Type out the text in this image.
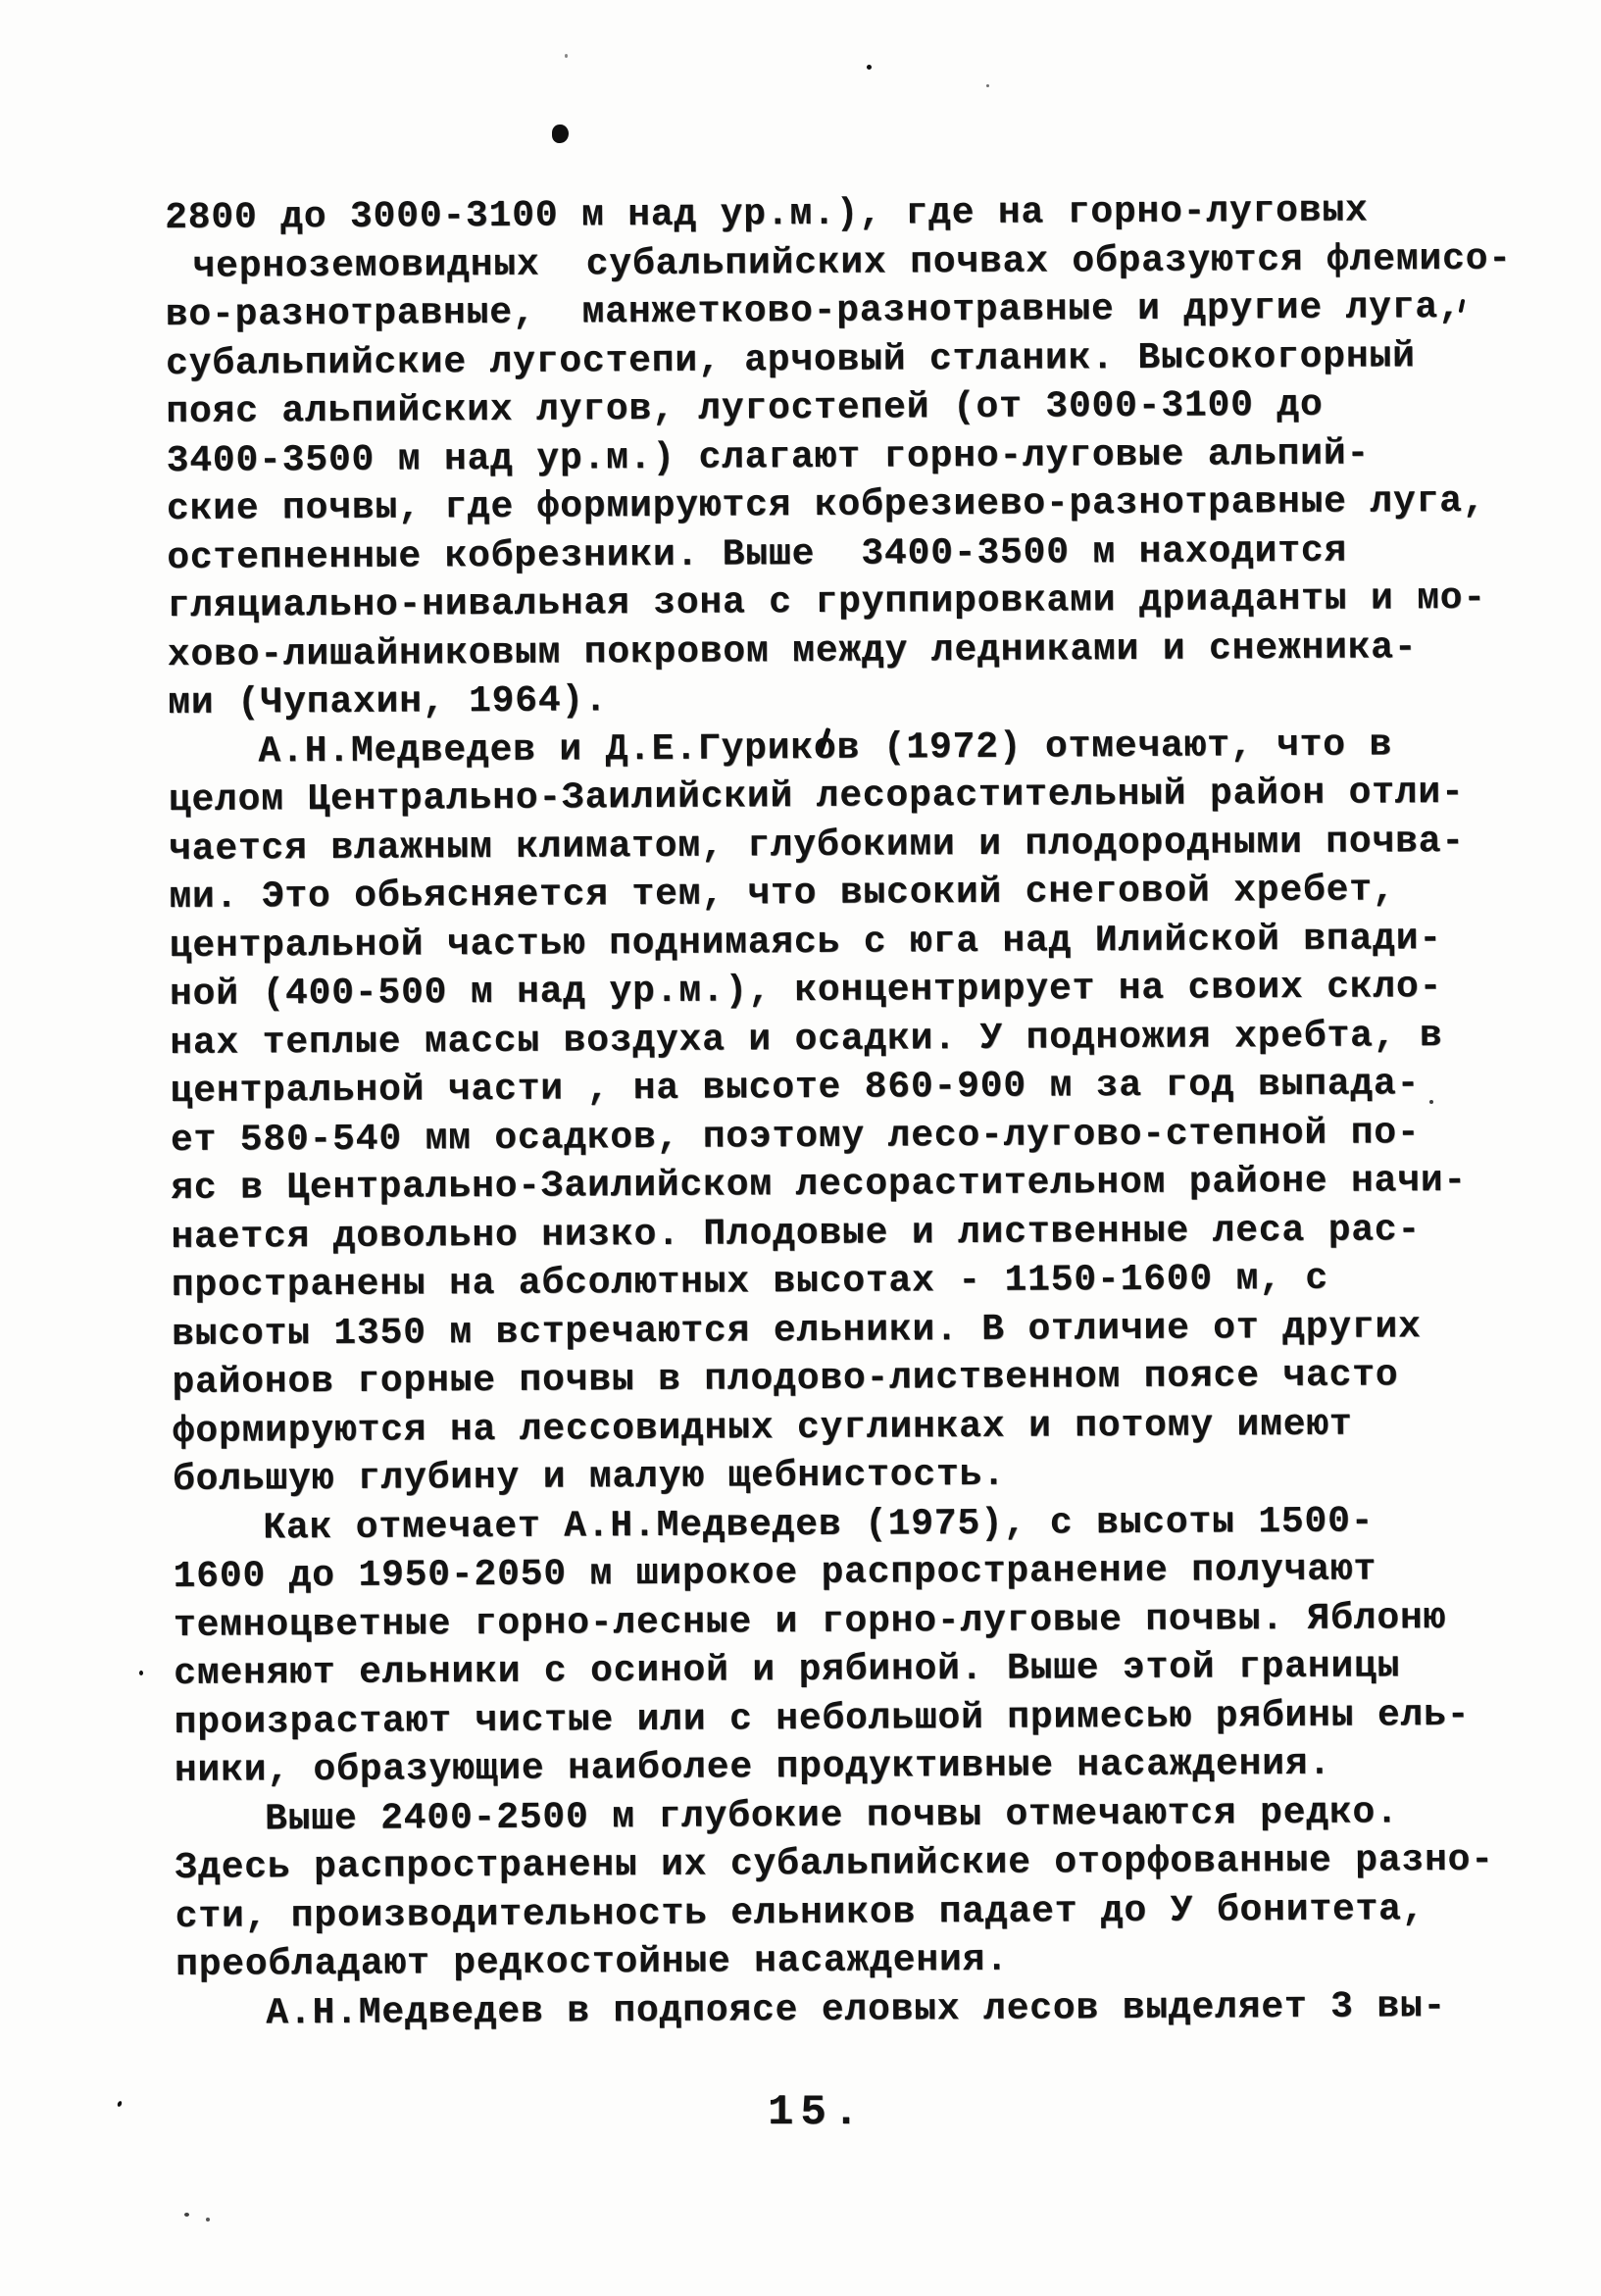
2800 до 3000-3100 м над ур.м.), где на горно-луговых
черноземовидных  субальпийских почвах образуются флемисо-
во-разнотравные,  манжетково-разнотравные и другие луга,
субальпийские лугостепи, арчовый стланик. Высокогорный
пояс альпийских лугов, лугостепей (от 3000-3100 до
3400-3500 м над ур.м.) слагают горно-луговые альпий-
ские почвы, где формируются кобрезиево-разнотравные луга,
остепненные кобрезники. Выше  3400-3500 м находится
гляциально-нивальная зона с группировками дриаданты и мо-
хово-лишайниковым покровом между ледниками и снежника-
ми (Чупахин, 1964).
А.Н.Медведев и Д.Е.Гуриков (1972) отмечают, что в
целом Центрально-Заилийский лесорастительный район отли-
чается влажным климатом, глубокими и плодородными почва-
ми. Это обьясняется тем, что высокий снеговой хребет,
центральной частью поднимаясь с юга над Илийской впади-
ной (400-500 м над ур.м.), концентрирует на своих скло-
нах теплые массы воздуха и осадки. У подножия хребта, в
центральной части , на высоте 860-900 м за год выпада-
ет 580-540 мм осадков, поэтому лесо-лугово-степной по-
яс в Центрально-Заилийском лесорастительном районе начи-
нается довольно низко. Плодовые и лиственные леса рас-
пространены на абсолютных высотах - 1150-1600 м, с
высоты 1350 м встречаются ельники. В отличие от других
районов горные почвы в плодово-лиственном поясе часто
формируются на лессовидных суглинках и потому имеют
большую глубину и малую щебнистость.
Как отмечает А.Н.Медведев (1975), с высоты 1500-
1600 до 1950-2050 м широкое распространение получают
темноцветные горно-лесные и горно-луговые почвы. Яблоню
сменяют ельники с осиной и рябиной. Выше этой границы
произрастают чистые или с небольшой примесью рябины ель-
ники, образующие наиболее продуктивные насаждения.
Выше 2400-2500 м глубокие почвы отмечаются редко.
Здесь распространены их субальпийские оторфованные разно-
сти, производительность ельников падает до У бонитета,
преобладают редкостойные насаждения.
А.Н.Медведев в подпоясе еловых лесов выделяет 3 вы-
15.
